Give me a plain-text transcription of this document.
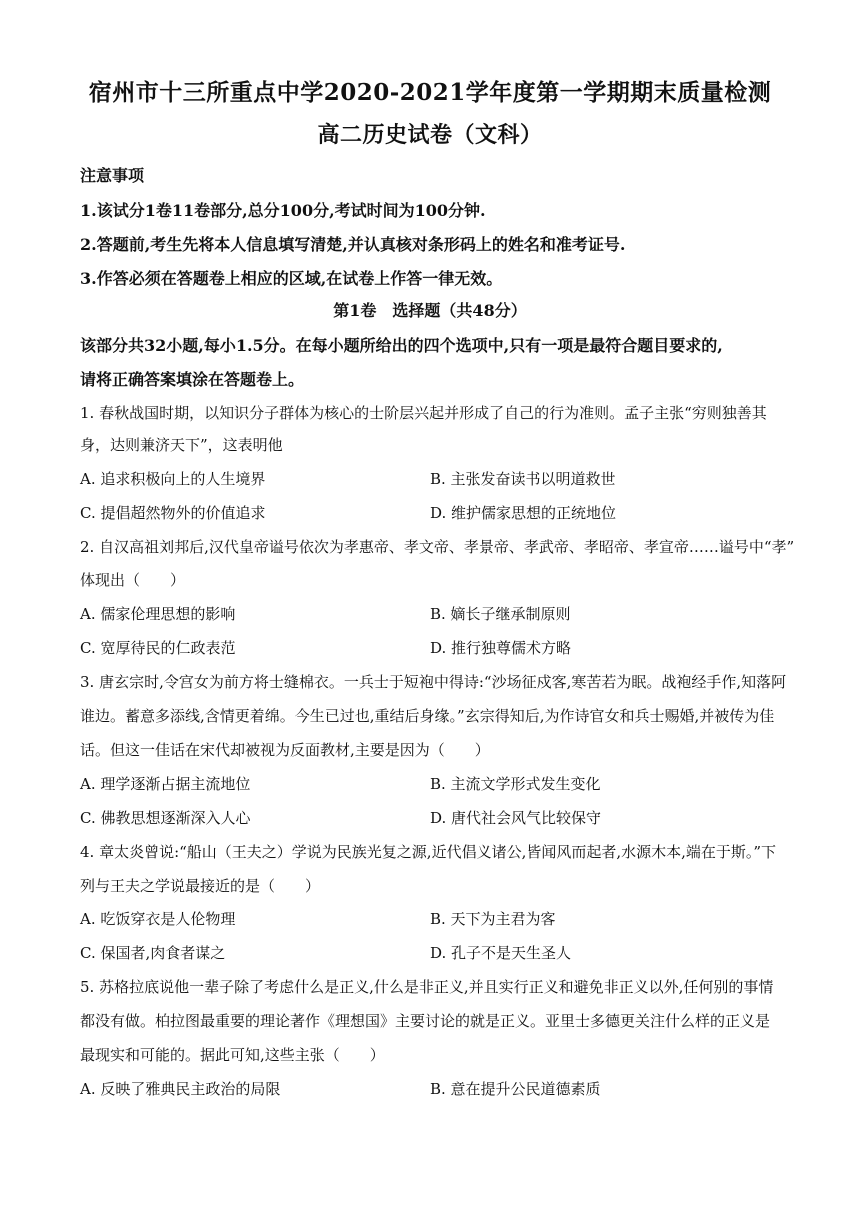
宿州市十三所重点中学2020-2021学年度第一学期期末质量检测
高二历史试卷（文科）
注意事项
1.该试分1卷11卷部分,总分100分,考试时间为100分钟.
2.答题前,考生先将本人信息填写清楚,并认真核对条形码上的姓名和准考证号.
3.作答必须在答题卷上相应的区域,在试卷上作答一律无效。
第1卷　选择题（共48分）
该部分共32小题,每小1.5分。在每小题所给出的四个选项中,只有一项是最符合题目要求的,
请将正确答案填涂在答题卷上。
1. 春秋战国时期，以知识分子群体为核心的士阶层兴起并形成了自己的行为准则。孟子主张“穷则独善其
身，达则兼济天下”，这表明他
A. 追求积极向上的人生境界	B. 主张发奋读书以明道救世
C. 提倡超然物外的价值追求	D. 维护儒家思想的正统地位
2. 自汉高祖刘邦后,汉代皇帝谥号依次为孝惠帝、孝文帝、孝景帝、孝武帝、孝昭帝、孝宣帝……谥号中“孝”
体现出（　　）
A. 儒家伦理思想的影响	B. 嫡长子继承制原则
C. 宽厚待民的仁政表范	D. 推行独尊儒术方略
3. 唐玄宗时,令宫女为前方将士缝棉衣。一兵士于短袍中得诗:“沙场征戍客,寒苦若为眠。战袍经手作,知落阿
谁边。蓄意多添线,含情更着绵。今生已过也,重结后身缘。”玄宗得知后,为作诗官女和兵士赐婚,并被传为佳
话。但这一佳话在宋代却被视为反面教材,主要是因为（　　）
A. 理学逐渐占据主流地位	B. 主流文学形式发生变化
C. 佛教思想逐渐深入人心	D. 唐代社会风气比较保守
4. 章太炎曾说:“船山（王夫之）学说为民族光复之源,近代倡义诸公,皆闻风而起者,水源木本,端在于斯。”下
列与王夫之学说最接近的是（　　）
A. 吃饭穿衣是人伦物理	B. 天下为主君为客
C. 保国者,肉食者谋之	D. 孔子不是天生圣人
5. 苏格拉底说他一辈子除了考虑什么是正义,什么是非正义,并且实行正义和避免非正义以外,任何别的事情
都没有做。柏拉图最重要的理论著作《理想国》主要讨论的就是正义。亚里士多德更关注什么样的正义是
最现实和可能的。据此可知,这些主张（　　）
A. 反映了雅典民主政治的局限	B. 意在提升公民道德素质
